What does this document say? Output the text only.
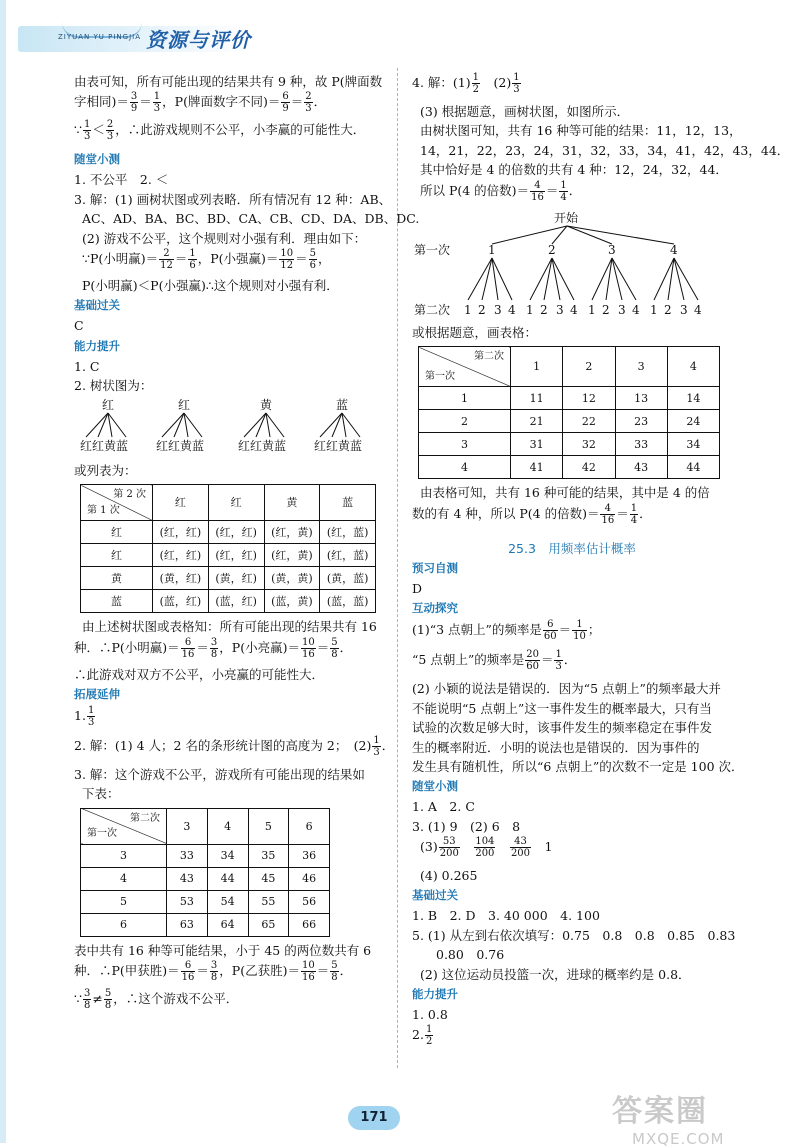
ZIYUAN YU PINGJIA 资源与评价
由表可知，所有可能出现的结果共有 9 种，故 P(牌面数
字相同)＝ $\frac{3}{9} = \frac{1}{3}$ ，P(牌面数字不同)＝ $\frac{6}{9} = \frac{2}{3}$ ．
∵ $\frac{1}{3} < \frac{2}{3}$ ，∴此游戏规则不公平，小李赢的可能性大．
随堂小测
1. 不公平　2. ＜
3. 解：(1) 画树状图或列表略．所有情况有 12 种：AB、
AC、AD、BA、BC、BD、CA、CB、CD、DA、DB、DC.
(2) 游戏不公平，这个规则对小强有利．理由如下：
∵P(小明赢)＝ $\frac{2}{12} = \frac{1}{6}$ ，P(小强赢)＝ $\frac{10}{12} = \frac{5}{6}$ ，
P(小明赢)＜P(小强赢)∴这个规则对小强有利．
基础过关
C
能力提升
1. C
2. 树状图为：
红
红红黄蓝
红
红红黄蓝
黄
红红黄蓝
蓝
红红黄蓝
或列表为：
第 2 次
第 1 次	红	红	黄	蓝
红	(红，红)	(红，红)	(红，黄)	(红，蓝)
红	(红，红)	(红，红)	(红，黄)	(红，蓝)
黄	(黄，红)	(黄，红)	(黄，黄)	(黄，蓝)
蓝	(蓝，红)	(蓝，红)	(蓝，黄)	(蓝，蓝)
由上述树状图或表格知：所有可能出现的结果共有 16
种．∴P(小明赢)＝ $\frac{6}{16} = \frac{3}{8}$ ，P(小亮赢)＝ $\frac{10}{16} = \frac{5}{8}$ ．
∴此游戏对双方不公平，小亮赢的可能性大．
拓展延伸
1. $\frac{1}{3}$
2. 解：(1) 4 人；2 名的条形统计图的高度为 2；　$(2) \frac{1}{3}$ ．
3. 解：这个游戏不公平，游戏所有可能出现的结果如
下表：
第二次
第一次	3	4	5	6
3	33	34	35	36
4	43	44	45	46
5	53	54	55	56
6	63	64	65	66
表中共有 16 种等可能结果，小于 45 的两位数共有 6
种．∴P(甲获胜)＝ $\frac{6}{16} = \frac{3}{8}$ ，P(乙获胜)＝ $\frac{10}{16} = \frac{5}{8}$ ．
∵ $\frac{3}{8} \ne \frac{5}{8}$ ，∴这个游戏不公平．
4. 解：$(1) \frac{1}{2}$ 　$(2) \frac{1}{3}$
(3) 根据题意，画树状图，如图所示．
由树状图可知，共有 16 种等可能的结果：11，12，13，
14，21，22，23，24，31，32，33，34，41，42，43，44．
其中恰好是 4 的倍数的共有 4 种：12，24，32，44．
所以 P(4 的倍数)＝ $\frac{4}{16} = \frac{1}{4}$ ．
开始
第一次	1	2	3	4
第二次 1 2 3 4 1 2 3 4 1 2 3 4 1 2 3 4
或根据题意，画表格：
第二次
第一次	1	2	3	4
1	11	12	13	14
2	21	22	23	24
3	31	32	33	34
4	41	42	43	44
由表格可知，共有 16 种可能的结果，其中是 4 的倍
数的有 4 种，所以 P(4 的倍数)＝ $\frac{4}{16} = \frac{1}{4}$ ．
25.3　用频率估计概率
预习自测
D
互动探究
(1)“3 点朝上”的频率是 $\frac{6}{60} = \frac{1}{10}$ ；
“5 点朝上”的频率是 $\frac{20}{60} = \frac{1}{3}$ ．
(2) 小颖的说法是错误的．因为“5 点朝上”的频率最大并
不能说明“5 点朝上”这一事件发生的概率最大，只有当
试验的次数足够大时，该事件发生的频率稳定在事件发
生的概率附近．小明的说法也是错误的．因为事件的
发生具有随机性，所以“6 点朝上”的次数不一定是 100 次．
随堂小测
1. A　2. C
3. (1) 9　(2) 6　8
$(3) \frac{53}{200}$
　 $\frac{104}{200}$
　 $\frac{43}{200}$
　 1
(4) 0.265
基础过关
1. B　2. D　3. 40 000　4. 100
5. (1) 从左到右依次填写：0.75　0.8　0.8　0.85　0.83
0.80　0.76
(2) 这位运动员投篮一次，进球的概率约是 0.8．
能力提升
1. 0.8
2. $\frac{1}{2}$
171	答案圈
MXQE.COM
